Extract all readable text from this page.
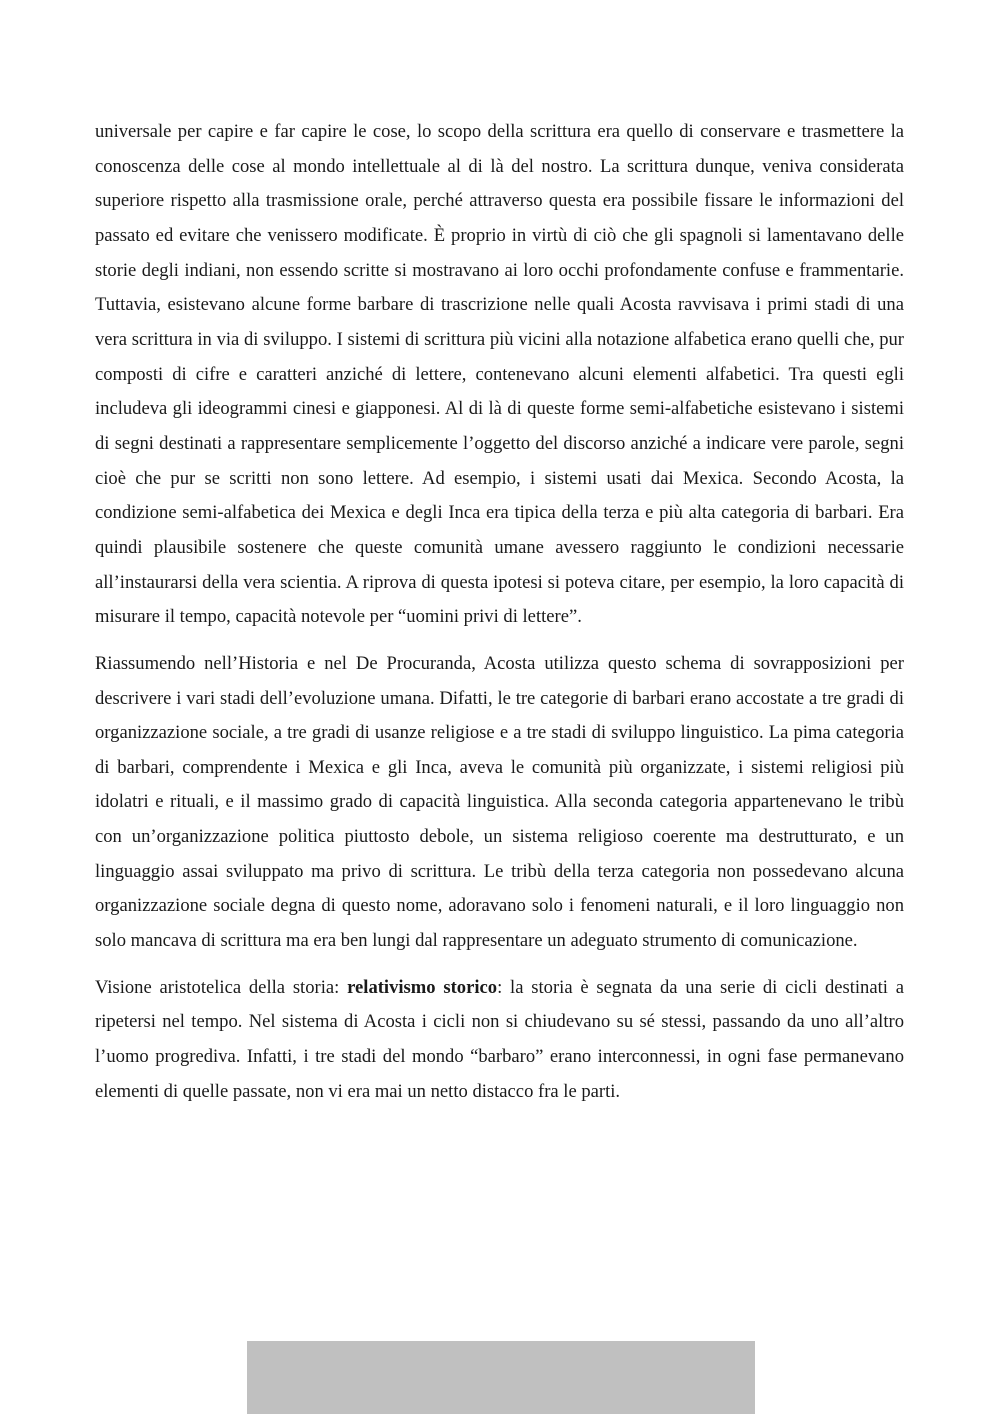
universale per capire e far capire le cose, lo scopo della scrittura era quello di conservare e trasmettere la conoscenza delle cose al mondo intellettuale al di là del nostro. La scrittura dunque, veniva considerata superiore rispetto alla trasmissione orale, perché attraverso questa era possibile fissare le informazioni del passato ed evitare che venissero modificate. È proprio in virtù di ciò che gli spagnoli si lamentavano delle storie degli indiani, non essendo scritte si mostravano ai loro occhi profondamente confuse e frammentarie.
Tuttavia, esistevano alcune forme barbare di trascrizione nelle quali Acosta ravvisava i primi stadi di una vera scrittura in via di sviluppo. I sistemi di scrittura più vicini alla notazione alfabetica erano quelli che, pur composti di cifre e caratteri anziché di lettere, contenevano alcuni elementi alfabetici. Tra questi egli includeva gli ideogrammi cinesi e giapponesi. Al di là di queste forme semi-alfabetiche esistevano i sistemi di segni destinati a rappresentare semplicemente l’oggetto del discorso anziché a indicare vere parole, segni cioè che pur se scritti non sono lettere. Ad esempio, i sistemi usati dai Mexica. Secondo Acosta, la condizione semi-alfabetica dei Mexica e degli Inca era tipica della terza e più alta categoria di barbari. Era quindi plausibile sostenere che queste comunità umane avessero raggiunto le condizioni necessarie all’instaurarsi della vera scientia. A riprova di questa ipotesi si poteva citare, per esempio, la loro capacità di misurare il tempo, capacità notevole per “uomini privi di lettere”.

Riassumendo nell’Historia e nel De Procuranda, Acosta utilizza questo schema di sovrapposizioni per descrivere i vari stadi dell’evoluzione umana. Difatti, le tre categorie di barbari erano accostate a tre gradi di organizzazione sociale, a tre gradi di usanze religiose e a tre stadi di sviluppo linguistico. La pima categoria di barbari, comprendente i Mexica e gli Inca, aveva le comunità più organizzate, i sistemi religiosi più idolatri e rituali, e il massimo grado di capacità linguistica. Alla seconda categoria appartenevano le tribù con un’organizzazione politica piuttosto debole, un sistema religioso coerente ma destrutturato, e un linguaggio assai sviluppato ma privo di scrittura. Le tribù della terza categoria non possedevano alcuna organizzazione sociale degna di questo nome, adoravano solo i fenomeni naturali, e il loro linguaggio non solo mancava di scrittura ma era ben lungi dal rappresentare un adeguato strumento di comunicazione.

Visione aristotelica della storia: relativismo storico: la storia è segnata da una serie di cicli destinati a ripetersi nel tempo. Nel sistema di Acosta i cicli non si chiudevano su sé stessi, passando da uno all’altro l’uomo progrediva. Infatti, i tre stadi del mondo “barbaro” erano interconnessi, in ogni fase permanevano elementi di quelle passate, non vi era mai un netto distacco fra le parti.
